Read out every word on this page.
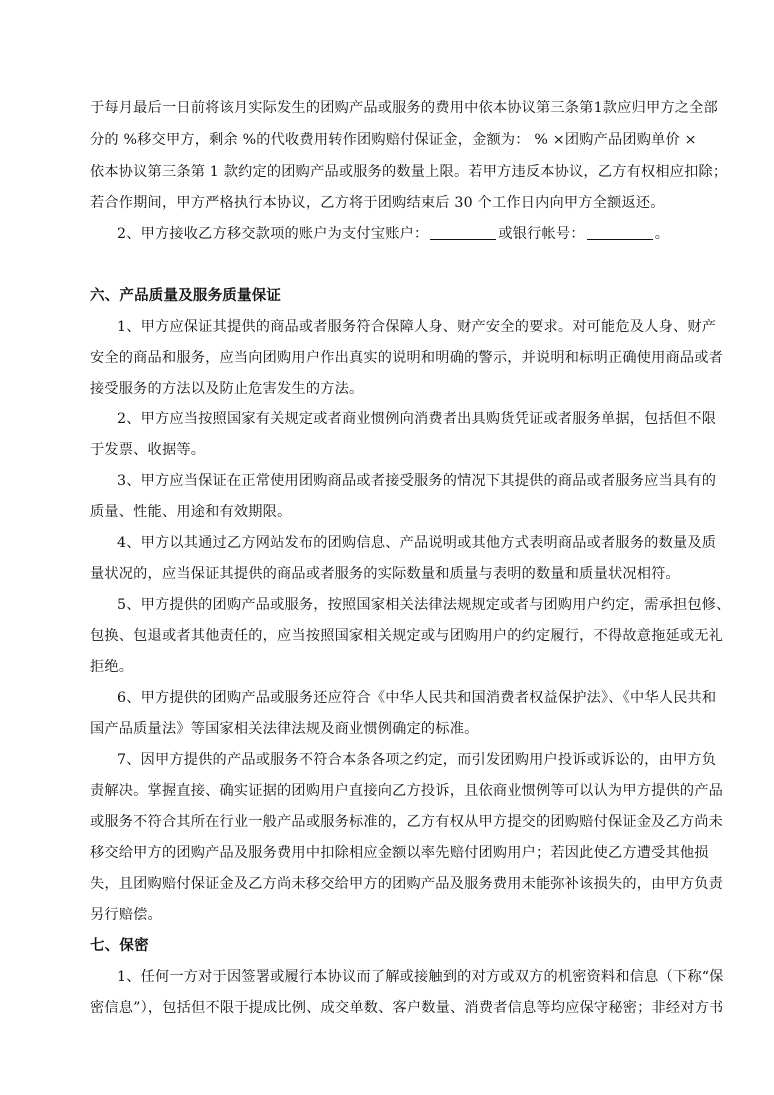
于每月最后一日前将该月实际发生的团购产品或服务的费用中依本协议第三条第1款应归甲方之全部
分的 %移交甲方，剩余 %的代收费用转作团购赔付保证金，金额为： % ×团购产品团购单价 ×
依本协议第三条第 1 款约定的团购产品或服务的数量上限。若甲方违反本协议，乙方有权相应扣除；
若合作期间，甲方严格执行本协议，乙方将于团购结束后 30 个工作日内向甲方全额返还。
2、甲方接收乙方移交款项的账户为支付宝账户：	或银行帐号：	。
六、产品质量及服务质量保证
1、甲方应保证其提供的商品或者服务符合保障人身、财产安全的要求。对可能危及人身、财产
安全的商品和服务，应当向团购用户作出真实的说明和明确的警示，并说明和标明正确使用商品或者
接受服务的方法以及防止危害发生的方法。
2、甲方应当按照国家有关规定或者商业惯例向消费者出具购货凭证或者服务单据，包括但不限
于发票、收据等。
3、甲方应当保证在正常使用团购商品或者接受服务的情况下其提供的商品或者服务应当具有的
质量、性能、用途和有效期限。
4、甲方以其通过乙方网站发布的团购信息、产品说明或其他方式表明商品或者服务的数量及质
量状况的，应当保证其提供的商品或者服务的实际数量和质量与表明的数量和质量状况相符。
5、甲方提供的团购产品或服务，按照国家相关法律法规规定或者与团购用户约定，需承担包修、
包换、包退或者其他责任的，应当按照国家相关规定或与团购用户的约定履行，不得故意拖延或无礼
拒绝。
6、甲方提供的团购产品或服务还应符合《中华人民共和国消费者权益保护法》、《中华人民共和
国产品质量法》等国家相关法律法规及商业惯例确定的标准。
7、因甲方提供的产品或服务不符合本条各项之约定，而引发团购用户投诉或诉讼的，由甲方负
责解决。掌握直接、确实证据的团购用户直接向乙方投诉，且依商业惯例等可以认为甲方提供的产品
或服务不符合其所在行业一般产品或服务标准的，乙方有权从甲方提交的团购赔付保证金及乙方尚未
移交给甲方的团购产品及服务费用中扣除相应金额以率先赔付团购用户；若因此使乙方遭受其他损
失，且团购赔付保证金及乙方尚未移交给甲方的团购产品及服务费用未能弥补该损失的，由甲方负责
另行赔偿。
七、保密
1、任何一方对于因签署或履行本协议而了解或接触到的对方或双方的机密资料和信息（下称“保
密信息”），包括但不限于提成比例、成交单数、客户数量、消费者信息等均应保守秘密；非经对方书
